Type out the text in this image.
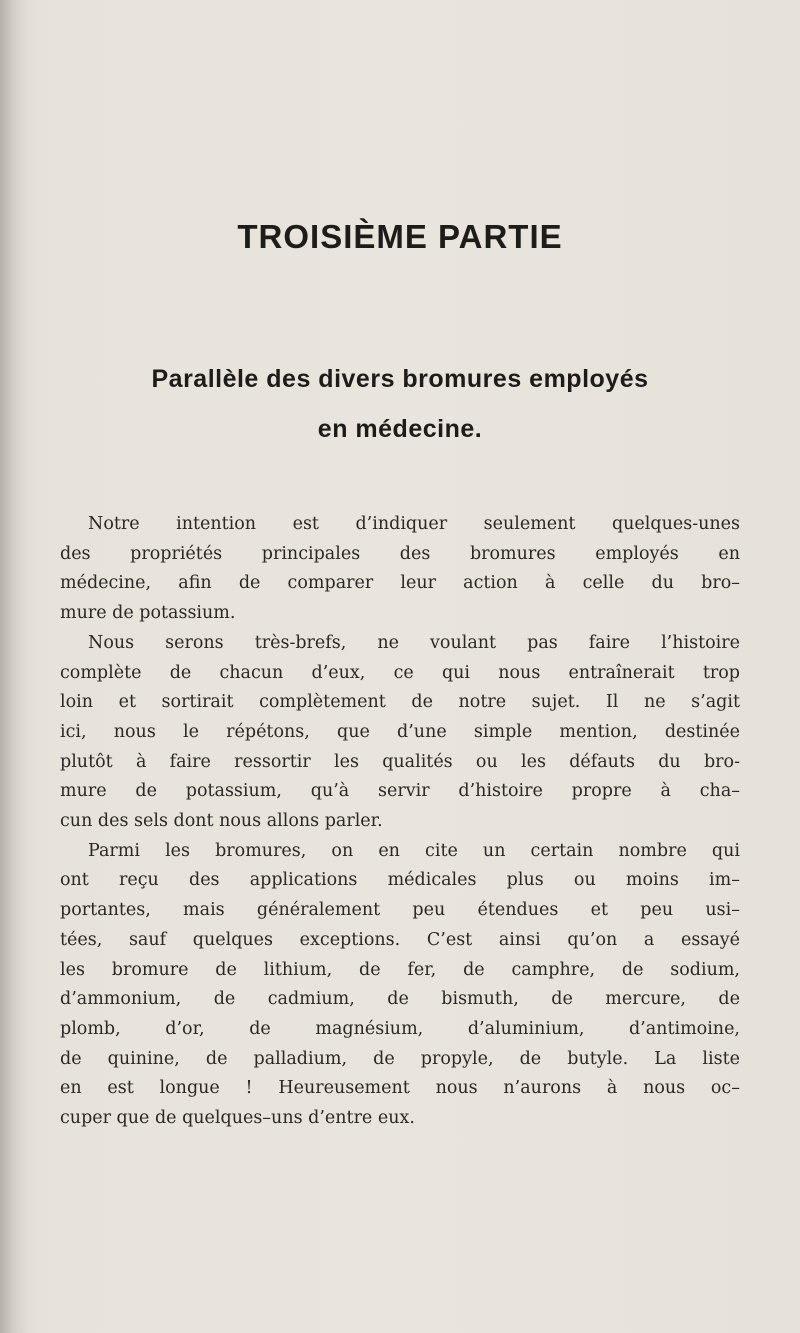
TROISIÈME PARTIE
Parallèle des divers bromures employés
en médecine.
Notre intention est d’indiquer seulement quelques-unes
des propriétés principales des bromures employés en
médecine, afin de comparer leur action à celle du bro–
mure de potassium.
Nous serons très-brefs, ne voulant pas faire l’histoire
complète de chacun d’eux, ce qui nous entraînerait trop
loin et sortirait complètement de notre sujet. Il ne s’agit
ici, nous le répétons, que d’une simple mention, destinée
plutôt à faire ressortir les qualités ou les défauts du bro-
mure de potassium, qu’à servir d’histoire propre à cha–
cun des sels dont nous allons parler.
Parmi les bromures, on en cite un certain nombre qui
ont reçu des applications médicales plus ou moins im–
portantes, mais généralement peu étendues et peu usi–
tées, sauf quelques exceptions. C’est ainsi qu’on a essayé
les bromure de lithium, de fer, de camphre, de sodium,
d’ammonium, de cadmium, de bismuth, de mercure, de
plomb, d’or, de magnésium, d’aluminium, d’antimoine,
de quinine, de palladium, de propyle, de butyle. La liste
en est longue ! Heureusement nous n’aurons à nous oc–
cuper que de quelques–uns d’entre eux.
